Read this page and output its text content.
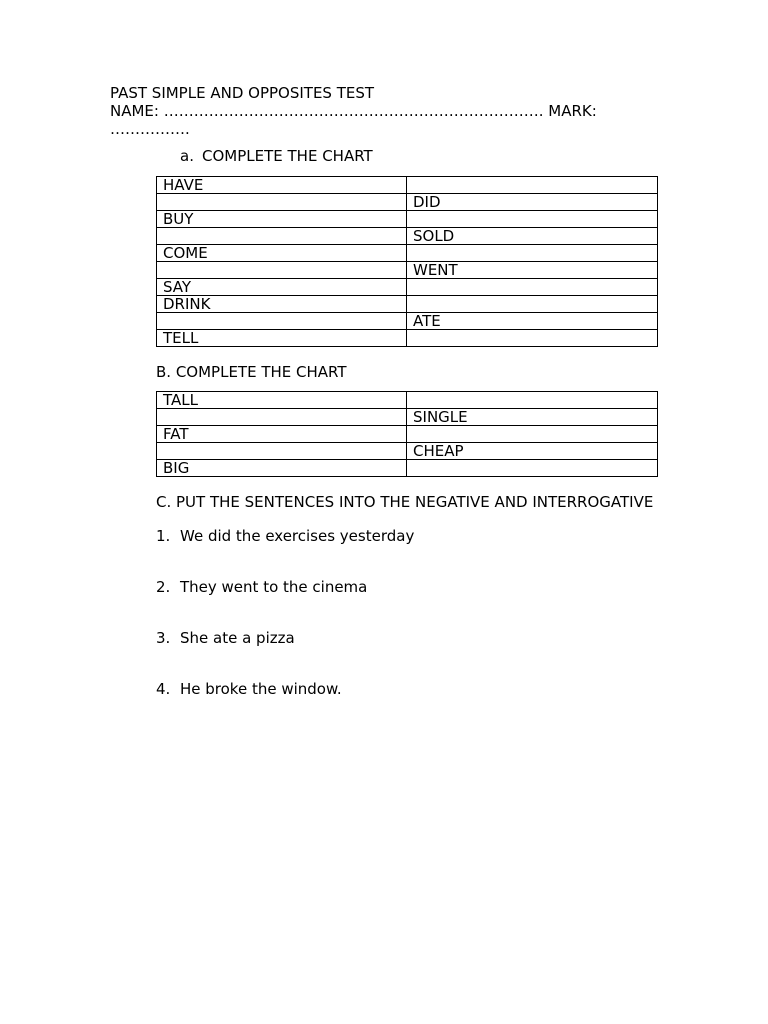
PAST SIMPLE AND OPPOSITES TEST
NAME: …………………………………………………………………. MARK: …………….
a. COMPLETE THE CHART
HAVE	
	DID
BUY	
	SOLD
COME	
	WENT
SAY	
DRINK	
	ATE
TELL	
B. COMPLETE THE CHART
TALL	
	SINGLE
FAT	
	CHEAP
BIG	
C. PUT THE SENTENCES INTO THE NEGATIVE AND INTERROGATIVE
1. We did the exercises yesterday
2. They went to the cinema
3. She ate a pizza
4. He broke the window.
